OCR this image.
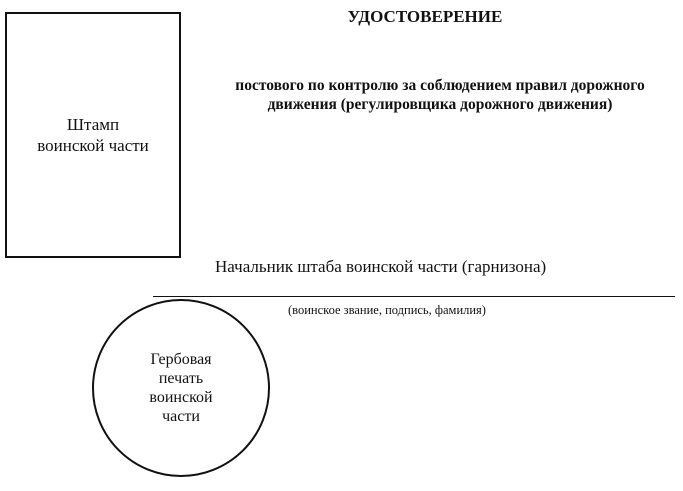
Штамп
воинской части
УДОСТОВЕРЕНИЕ
постового по контролю за соблюдением правил дорожного движения (регулировщика дорожного движения)
Начальник штаба воинской части (гарнизона)
(воинское звание, подпись, фамилия)
Гербовая
печать
воинской
части
